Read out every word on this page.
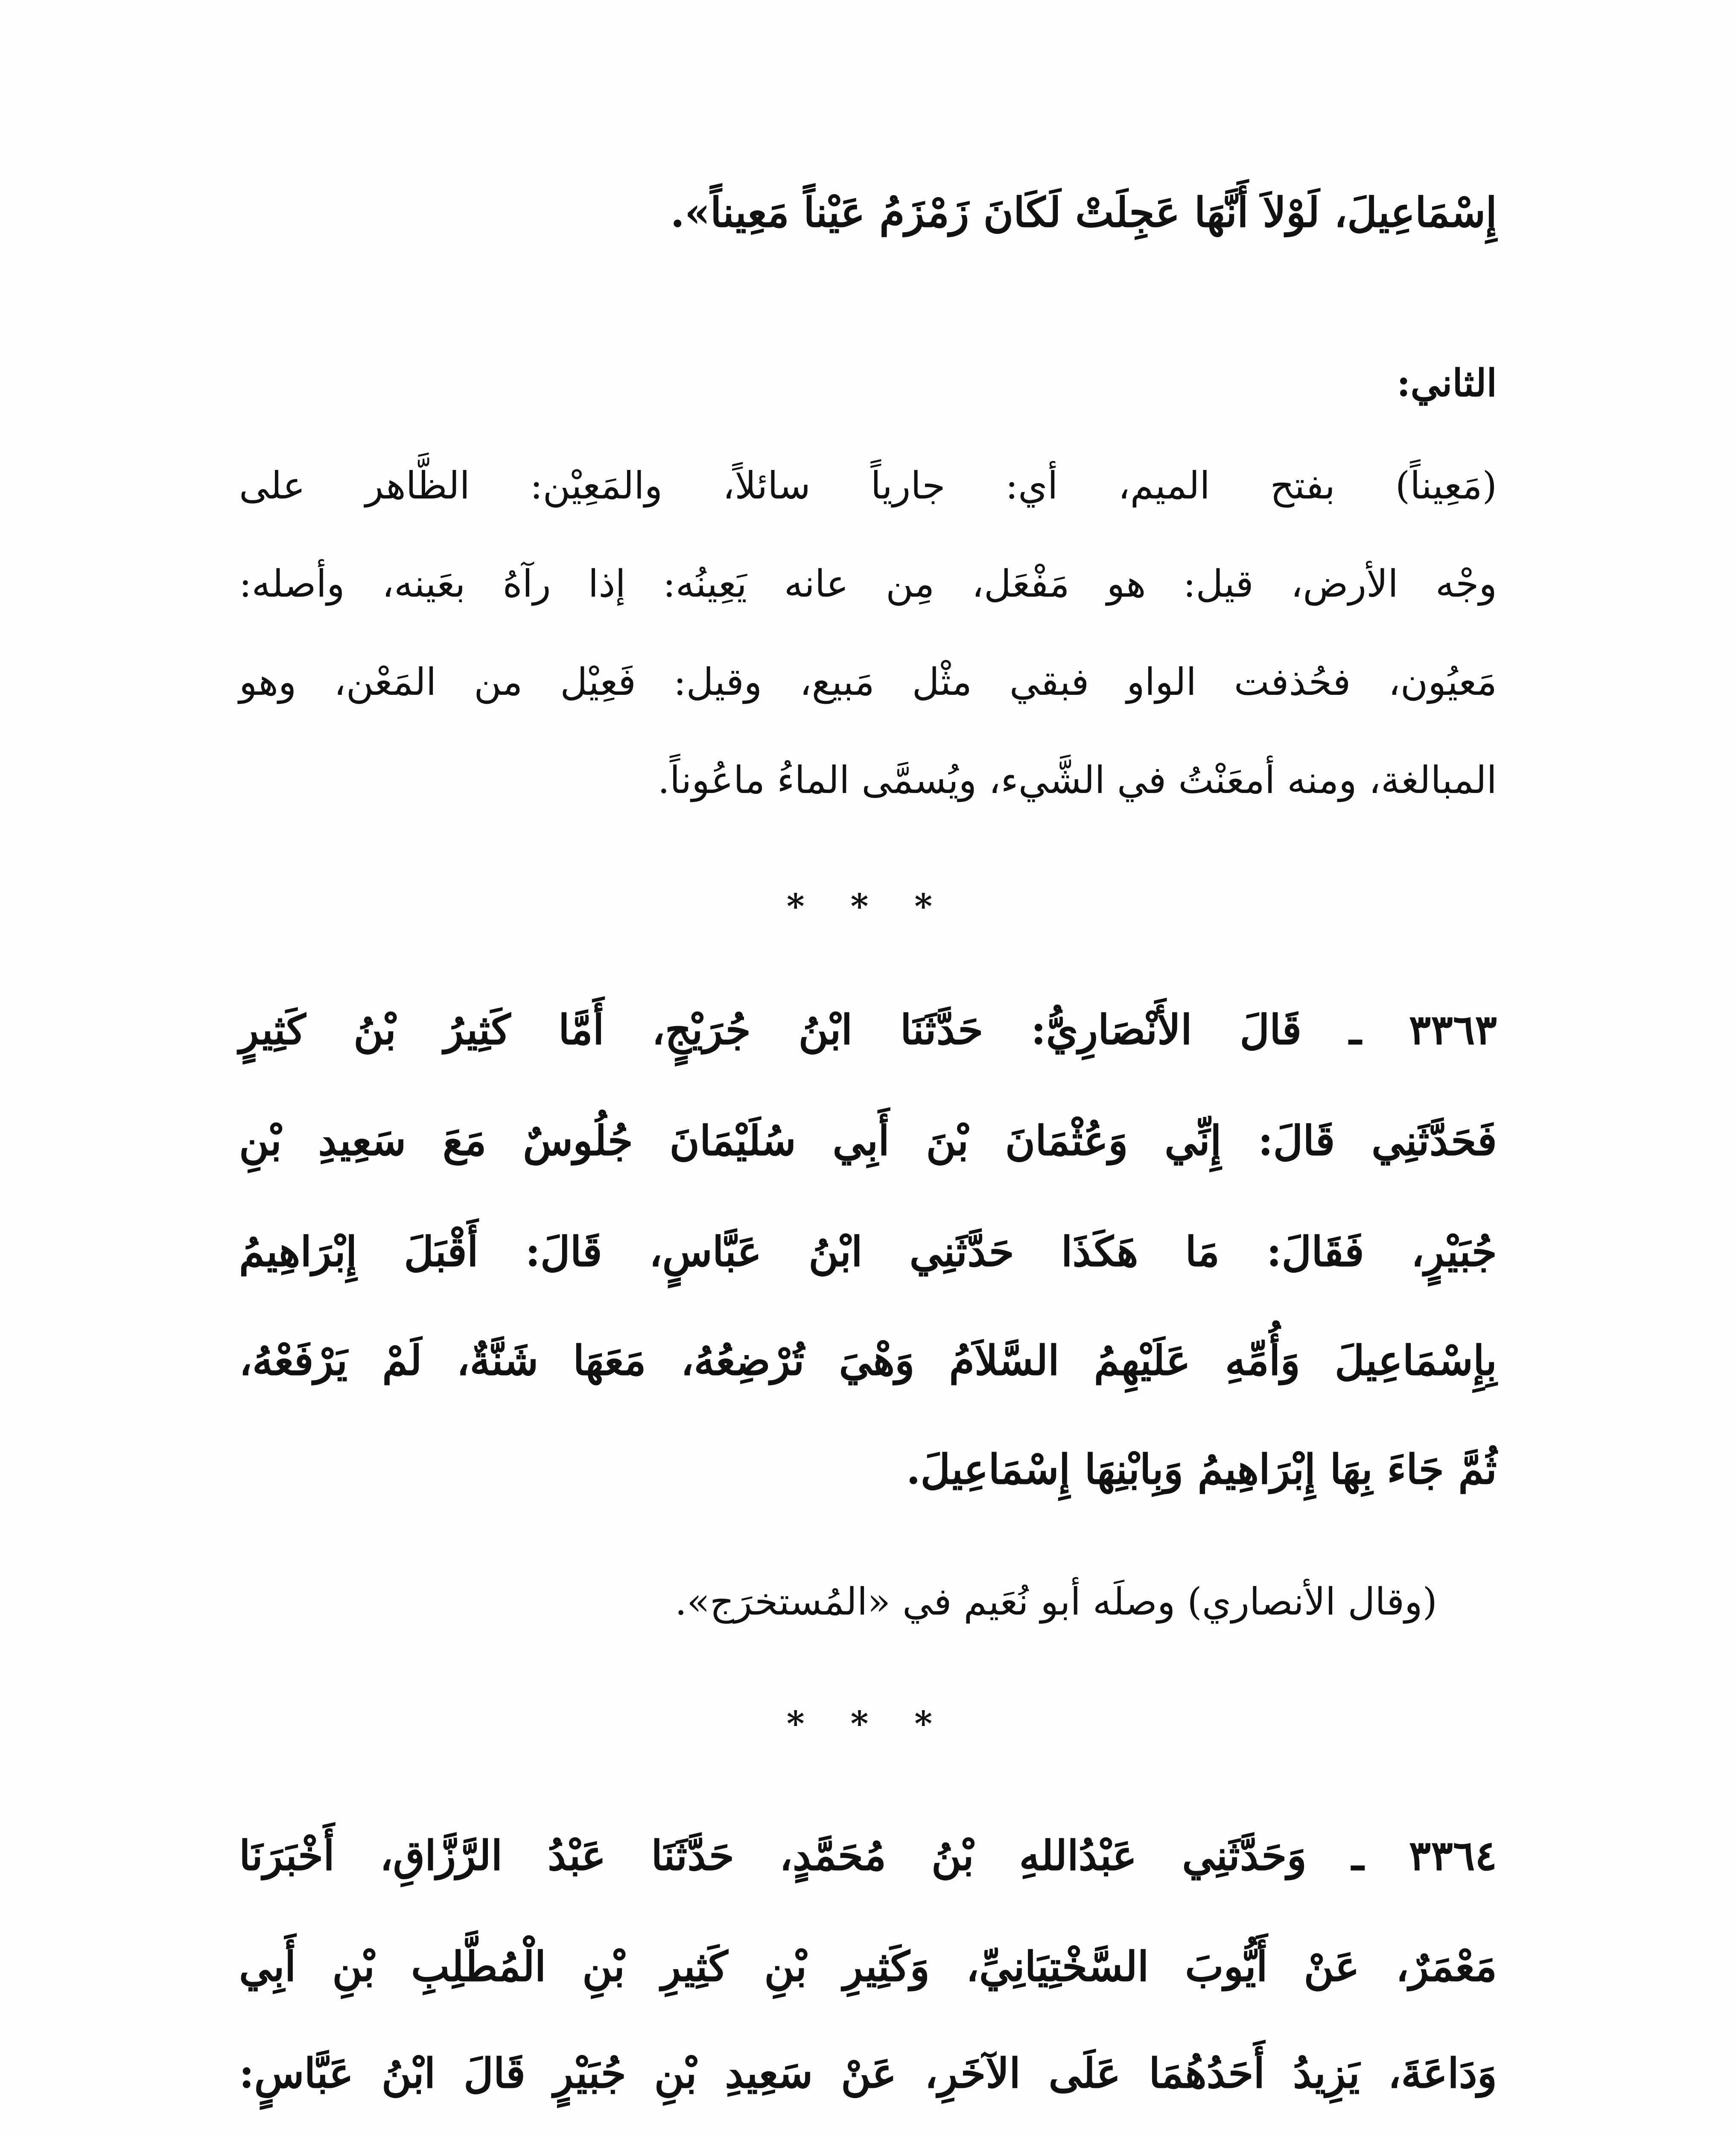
إِسْمَاعِيلَ، لَوْلاَ أَنَّهَا عَجِلَتْ لَكَانَ زَمْزَمُ عَيْناً مَعِيناً».
الثاني:
(مَعِيناً) بفتح الميم، أي: جارياً سائلاً، والمَعِيْن: الظَّاهر على
وجْه الأرض، قيل: هو مَفْعَل، مِن عانه يَعِينُه: إذا رآهُ بعَينه، وأصله:
مَعيُون، فحُذفت الواو فبقي مثْل مَبيع، وقيل: فَعِيْل من المَعْن، وهو
المبالغة، ومنه أمعَنْتُ في الشَّيء، ويُسمَّى الماءُ ماعُوناً.
* * *
٣٣٦٣ ـ قَالَ الأَنْصَارِيُّ: حَدَّثَنَا ابْنُ جُرَيْجٍ، أَمَّا كَثِيرُ بْنُ كَثِيرٍ
فَحَدَّثَنِي قَالَ: إِنِّي وَعُثْمَانَ بْنَ أَبِي سُلَيْمَانَ جُلُوسٌ مَعَ سَعِيدِ بْنِ
جُبَيْرٍ، فَقَالَ: مَا هَكَذَا حَدَّثَنِي ابْنُ عَبَّاسٍ، قَالَ: أَقْبَلَ إِبْرَاهِيمُ
بِإِسْمَاعِيلَ وَأُمِّهِ عَلَيْهِمُ السَّلاَمُ وَهْيَ تُرْضِعُهُ، مَعَهَا شَنَّةٌ، لَمْ يَرْفَعْهُ،
ثُمَّ جَاءَ بِهَا إِبْرَاهِيمُ وَبِابْنِهَا إِسْمَاعِيلَ.
(وقال الأنصاري) وصلَه أبو نُعَيم في «المُستخرَج».
* * *
٣٣٦٤ ـ وَحَدَّثَنِي عَبْدُاللهِ بْنُ مُحَمَّدٍ، حَدَّثَنَا عَبْدُ الرَّزَّاقِ، أَخْبَرَنَا
مَعْمَرٌ، عَنْ أَيُّوبَ السَّخْتِيَانِيِّ، وَكَثِيرِ بْنِ كَثِيرِ بْنِ الْمُطَّلِبِ بْنِ أَبِي
وَدَاعَةَ، يَزِيدُ أَحَدُهُمَا عَلَى الآخَرِ، عَنْ سَعِيدِ بْنِ جُبَيْرٍ قَالَ ابْنُ عَبَّاسٍ:
